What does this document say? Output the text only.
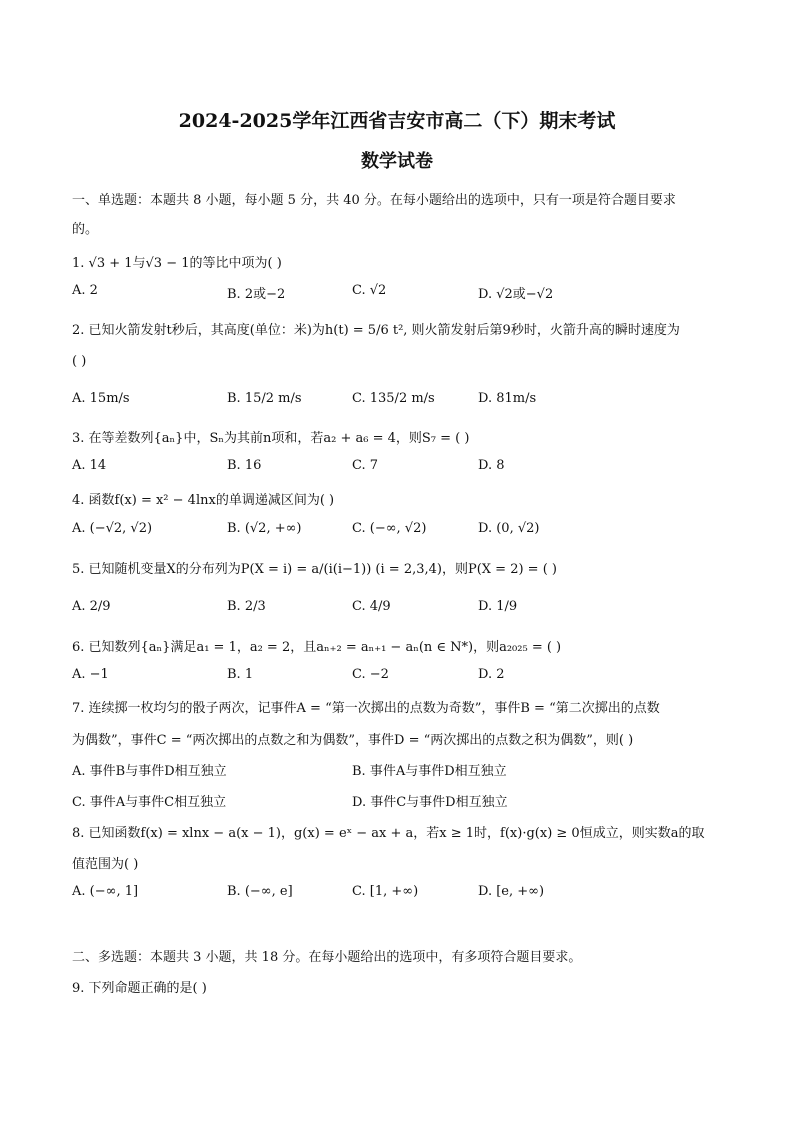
2024-2025学年江西省吉安市高二（下）期末考试
数学试卷
一、单选题：本题共 8 小题，每小题 5 分，共 40 分。在每小题给出的选项中，只有一项是符合题目要求
的。
1. √3 + 1与√3 − 1的等比中项为( )
A. 2	B. 2或−2	C. √2	D. √2或−√2
2. 已知火箭发射t秒后，其高度(单位：米)为h(t) = 5/6 t², 则火箭发射后第9秒时，火箭升高的瞬时速度为
( )
A. 15m/s	B. 15/2 m/s	C. 135/2 m/s	D. 81m/s
3. 在等差数列{aₙ}中，Sₙ为其前n项和，若a₂ + a₆ = 4，则S₇ = ( )
A. 14	B. 16	C. 7	D. 8
4. 函数f(x) = x² − 4lnx的单调递减区间为( )
A. (−√2, √2)	B. (√2, +∞)	C. (−∞, √2)	D. (0, √2)
5. 已知随机变量X的分布列为P(X = i) = a/(i(i−1)) (i = 2,3,4)，则P(X = 2) = ( )
A. 2/9	B. 2/3	C. 4/9	D. 1/9
6. 已知数列{aₙ}满足a₁ = 1，a₂ = 2，且aₙ₊₂ = aₙ₊₁ − aₙ(n ∈ N*)，则a₂₀₂₅ = ( )
A. −1	B. 1	C. −2	D. 2
7. 连续掷一枚均匀的骰子两次，记事件A = “第一次掷出的点数为奇数”，事件B = “第二次掷出的点数
为偶数”，事件C = “两次掷出的点数之和为偶数”，事件D = “两次掷出的点数之积为偶数”，则( )
A. 事件B与事件D相互独立	B. 事件A与事件D相互独立
C. 事件A与事件C相互独立	D. 事件C与事件D相互独立
8. 已知函数f(x) = xlnx − a(x − 1)，g(x) = eˣ − ax + a，若x ≥ 1时，f(x)·g(x) ≥ 0恒成立，则实数a的取
值范围为( )
A. (−∞, 1]	B. (−∞, e]	C. [1, +∞)	D. [e, +∞)
二、多选题：本题共 3 小题，共 18 分。在每小题给出的选项中，有多项符合题目要求。
9. 下列命题正确的是( )
